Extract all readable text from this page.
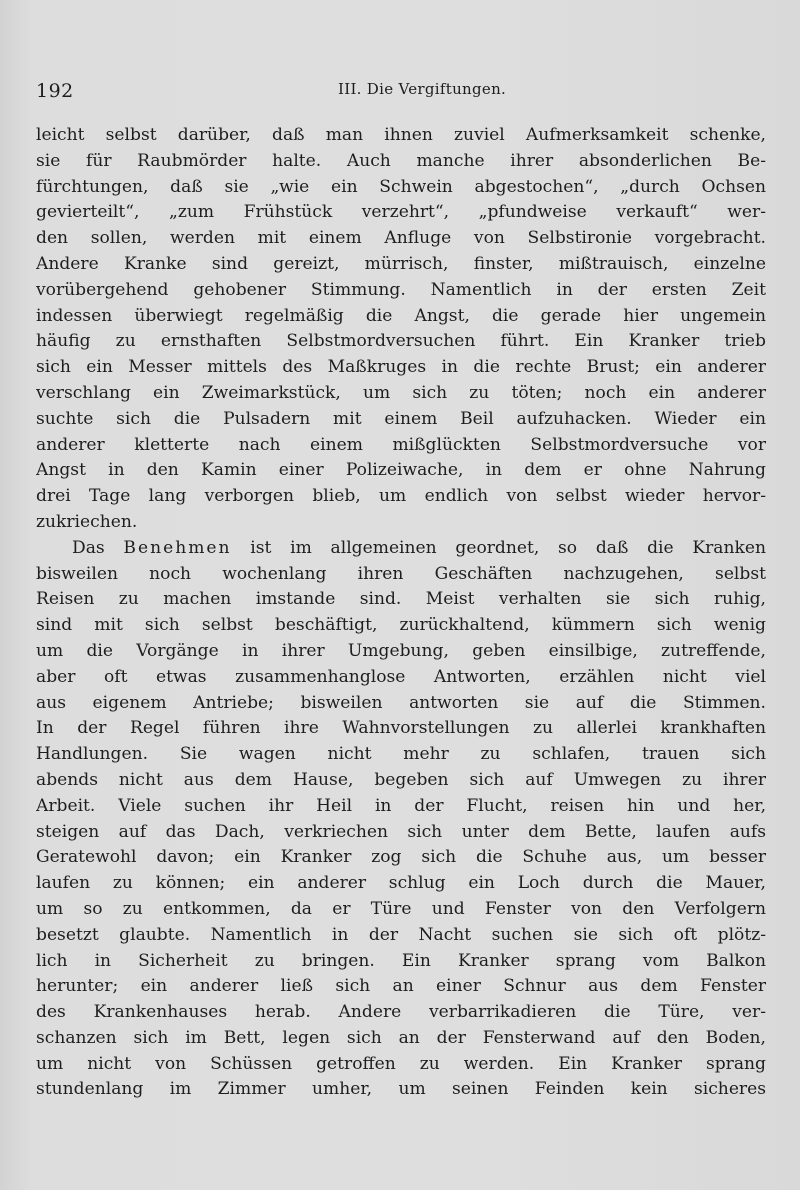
192	III. Die Vergiftungen.
leicht selbst darüber, daß man ihnen zuviel Aufmerksamkeit schenke,
sie für Raubmörder halte. Auch manche ihrer absonderlichen Be-
fürchtungen, daß sie „wie ein Schwein abgestochen“, „durch Ochsen
gevierteilt“, „zum Frühstück verzehrt“, „pfundweise verkauft“ wer-
den sollen, werden mit einem Anfluge von Selbstironie vorgebracht.
Andere Kranke sind gereizt, mürrisch, finster, mißtrauisch, einzelne
vorübergehend gehobener Stimmung. Namentlich in der ersten Zeit
indessen überwiegt regelmäßig die Angst, die gerade hier ungemein
häufig zu ernsthaften Selbstmordversuchen führt. Ein Kranker trieb
sich ein Messer mittels des Maßkruges in die rechte Brust; ein anderer
verschlang ein Zweimarkstück, um sich zu töten; noch ein anderer
suchte sich die Pulsadern mit einem Beil aufzuhacken. Wieder ein
anderer kletterte nach einem mißglückten Selbstmordversuche vor
Angst in den Kamin einer Polizeiwache, in dem er ohne Nahrung
drei Tage lang verborgen blieb, um endlich von selbst wieder hervor-
zukriechen.
Das Benehmen ist im allgemeinen geordnet, so daß die Kranken
bisweilen noch wochenlang ihren Geschäften nachzugehen, selbst
Reisen zu machen imstande sind. Meist verhalten sie sich ruhig,
sind mit sich selbst beschäftigt, zurückhaltend, kümmern sich wenig
um die Vorgänge in ihrer Umgebung, geben einsilbige, zutreffende,
aber oft etwas zusammenhanglose Antworten, erzählen nicht viel
aus eigenem Antriebe; bisweilen antworten sie auf die Stimmen.
In der Regel führen ihre Wahnvorstellungen zu allerlei krankhaften
Handlungen. Sie wagen nicht mehr zu schlafen, trauen sich
abends nicht aus dem Hause, begeben sich auf Umwegen zu ihrer
Arbeit. Viele suchen ihr Heil in der Flucht, reisen hin und her,
steigen auf das Dach, verkriechen sich unter dem Bette, laufen aufs
Geratewohl davon; ein Kranker zog sich die Schuhe aus, um besser
laufen zu können; ein anderer schlug ein Loch durch die Mauer,
um so zu entkommen, da er Türe und Fenster von den Verfolgern
besetzt glaubte. Namentlich in der Nacht suchen sie sich oft plötz-
lich in Sicherheit zu bringen. Ein Kranker sprang vom Balkon
herunter; ein anderer ließ sich an einer Schnur aus dem Fenster
des Krankenhauses herab. Andere verbarrikadieren die Türe, ver-
schanzen sich im Bett, legen sich an der Fensterwand auf den Boden,
um nicht von Schüssen getroffen zu werden. Ein Kranker sprang
stundenlang im Zimmer umher, um seinen Feinden kein sicheres
